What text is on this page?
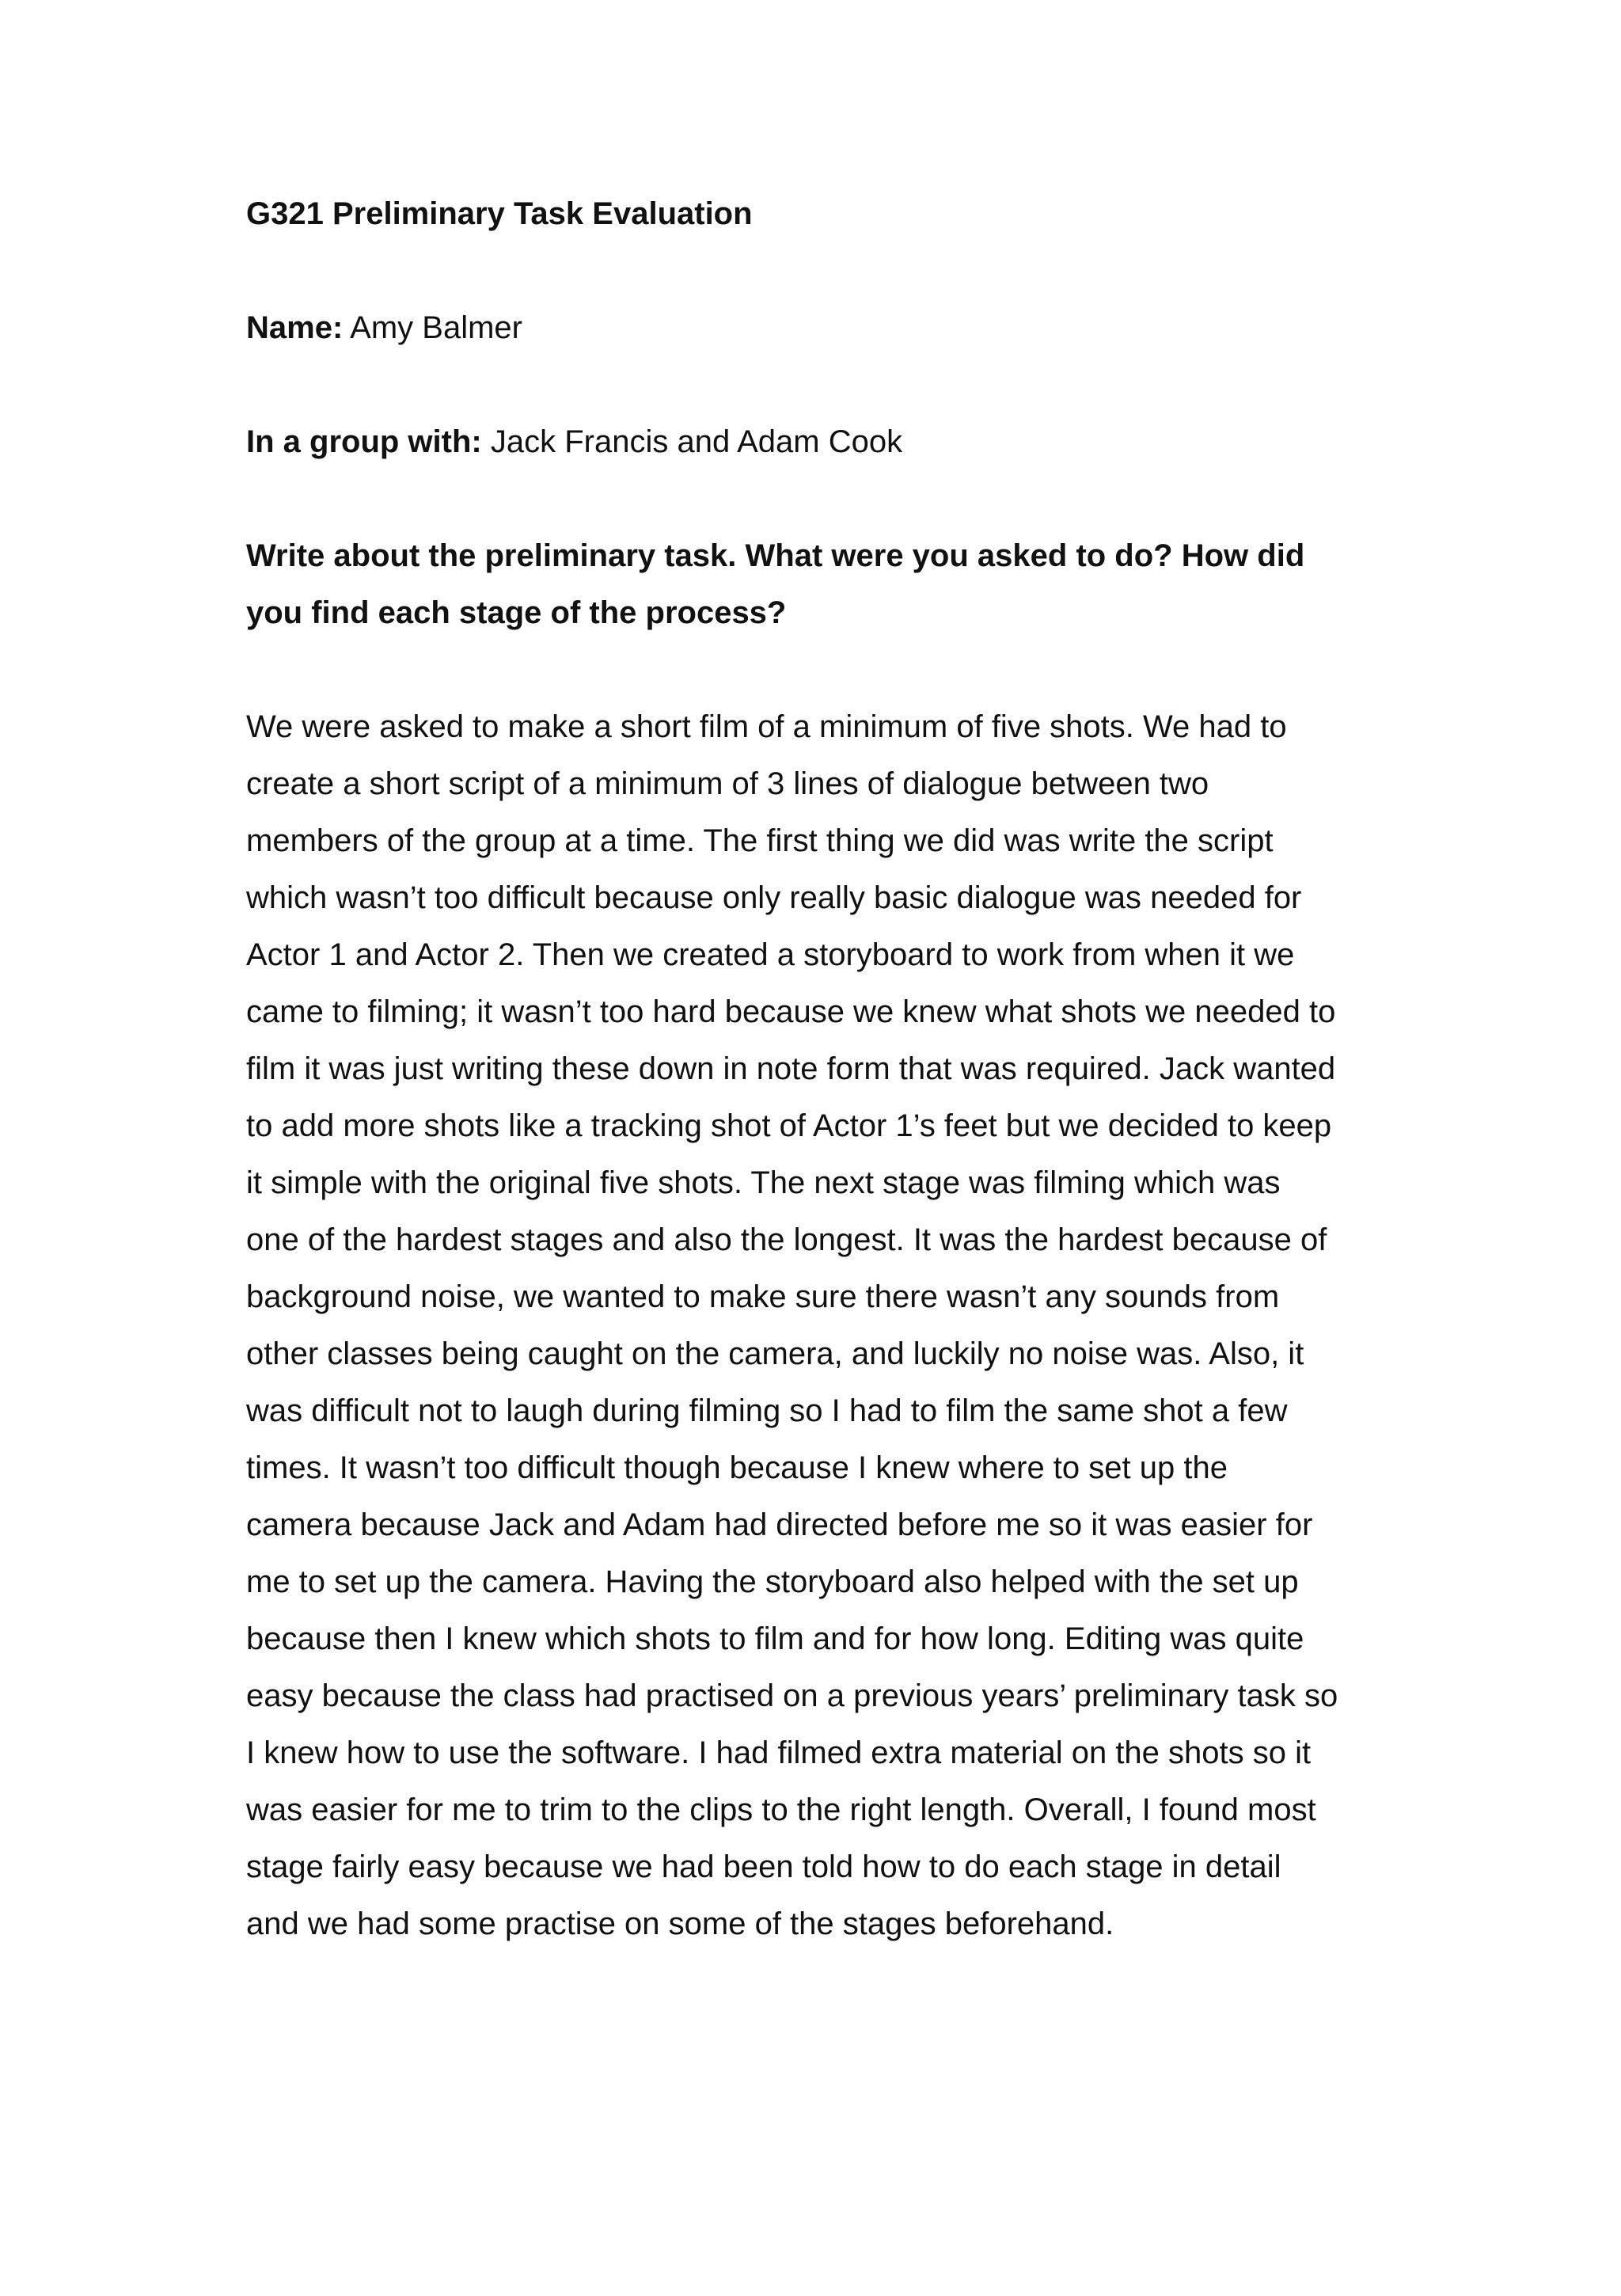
G321 Preliminary Task Evaluation
Name: Amy Balmer
In a group with: Jack Francis and Adam Cook
Write about the preliminary task. What were you asked to do? How did
you find each stage of the process?
We were asked to make a short film of a minimum of five shots. We had to
create a short script of a minimum of 3 lines of dialogue between two
members of the group at a time. The first thing we did was write the script
which wasn’t too difficult because only really basic dialogue was needed for
Actor 1 and Actor 2. Then we created a storyboard to work from when it we
came to filming; it wasn’t too hard because we knew what shots we needed to
film it was just writing these down in note form that was required. Jack wanted
to add more shots like a tracking shot of Actor 1’s feet but we decided to keep
it simple with the original five shots. The next stage was filming which was
one of the hardest stages and also the longest. It was the hardest because of
background noise, we wanted to make sure there wasn’t any sounds from
other classes being caught on the camera, and luckily no noise was. Also, it
was difficult not to laugh during filming so I had to film the same shot a few
times. It wasn’t too difficult though because I knew where to set up the
camera because Jack and Adam had directed before me so it was easier for
me to set up the camera. Having the storyboard also helped with the set up
because then I knew which shots to film and for how long. Editing was quite
easy because the class had practised on a previous years’ preliminary task so
I knew how to use the software. I had filmed extra material on the shots so it
was easier for me to trim to the clips to the right length. Overall, I found most
stage fairly easy because we had been told how to do each stage in detail
and we had some practise on some of the stages beforehand.
